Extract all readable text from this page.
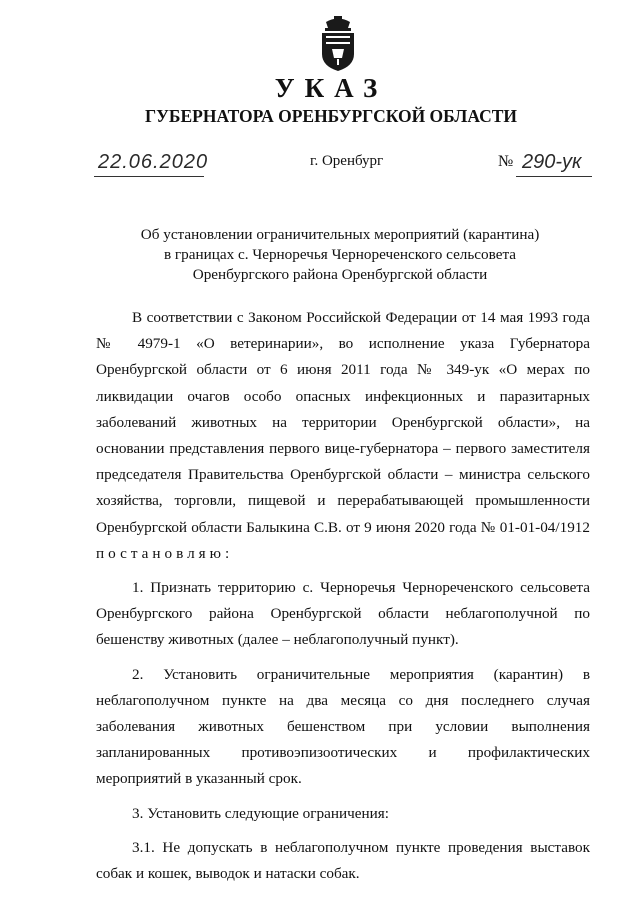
УКАЗ
ГУБЕРНАТОРА ОРЕНБУРГСКОЙ ОБЛАСТИ
22.06.2020	г. Оренбург	№ 290-ук
Об установлении ограничительных мероприятий (карантина)
в границах с. Черноречья Чернореченского сельсовета
Оренбургского района Оренбургской области

В соответствии с Законом Российской Федерации от 14 мая 1993 года № 4979-1 «О ветеринарии», во исполнение указа Губернатора Оренбургской области от 6 июня 2011 года № 349-ук «О мерах по ликвидации очагов особо опасных инфекционных и паразитарных заболеваний животных на территории Оренбургской области», на основании представления первого вице-губернатора – первого заместителя председателя Правительства Оренбургской области – министра сельского хозяйства, торговли, пищевой и перерабатывающей промышленности Оренбургской области Балыкина С.В. от 9 июня 2020 года № 01-01-04/1912 постановляю:

1. Признать территорию с. Черноречья Чернореченского сельсовета Оренбургского района Оренбургской области неблагополучной по бешенству животных (далее – неблагополучный пункт).

2. Установить ограничительные мероприятия (карантин) в неблагополучном пункте на два месяца со дня последнего случая заболевания животных бешенством при условии выполнения запланированных противоэпизоотических и профилактических мероприятий в указанный срок.

3. Установить следующие ограничения:

3.1. Не допускать в неблагополучном пункте проведения выставок собак и кошек, выводок и натаски собак.
